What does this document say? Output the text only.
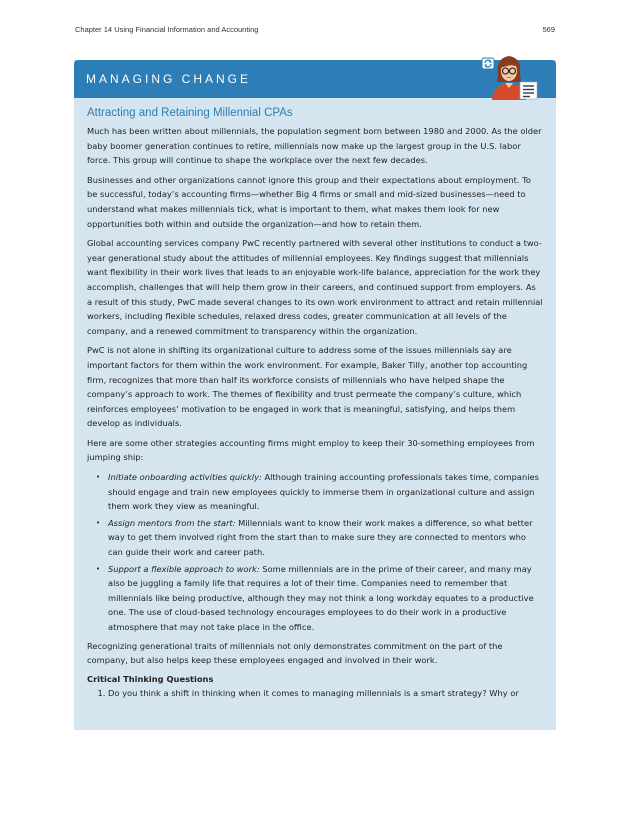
Chapter 14 Using Financial Information and Accounting	569
MANAGING CHANGE
Attracting and Retaining Millennial CPAs

Much has been written about millennials, the population segment born between 1980 and 2000. As the older baby boomer generation continues to retire, millennials now make up the largest group in the U.S. labor force. This group will continue to shape the workplace over the next few decades.

Businesses and other organizations cannot ignore this group and their expectations about employment. To be successful, today’s accounting firms—whether Big 4 firms or small and mid-sized businesses—need to understand what makes millennials tick, what is important to them, what makes them look for new opportunities both within and outside the organization—and how to retain them.

Global accounting services company PwC recently partnered with several other institutions to conduct a two-year generational study about the attitudes of millennial employees. Key findings suggest that millennials want flexibility in their work lives that leads to an enjoyable work-life balance, appreciation for the work they accomplish, challenges that will help them grow in their careers, and continued support from employers. As a result of this study, PwC made several changes to its own work environment to attract and retain millennial workers, including flexible schedules, relaxed dress codes, greater communication at all levels of the company, and a renewed commitment to transparency within the organization.

PwC is not alone in shifting its organizational culture to address some of the issues millennials say are important factors for them within the work environment. For example, Baker Tilly, another top accounting firm, recognizes that more than half its workforce consists of millennials who have helped shape the company’s approach to work. The themes of flexibility and trust permeate the company’s culture, which reinforces employees’ motivation to be engaged in work that is meaningful, satisfying, and helps them develop as individuals.

Here are some other strategies accounting firms might employ to keep their 30-something employees from jumping ship:

• Initiate onboarding activities quickly: Although training accounting professionals takes time, companies should engage and train new employees quickly to immerse them in organizational culture and assign them work they view as meaningful.
• Assign mentors from the start: Millennials want to know their work makes a difference, so what better way to get them involved right from the start than to make sure they are connected to mentors who can guide their work and career path.
• Support a flexible approach to work: Some millennials are in the prime of their career, and many may also be juggling a family life that requires a lot of their time. Companies need to remember that millennials like being productive, although they may not think a long workday equates to a productive one. The use of cloud-based technology encourages employees to do their work in a productive atmosphere that may not take place in the office.

Recognizing generational traits of millennials not only demonstrates commitment on the part of the company, but also helps keep these employees engaged and involved in their work.

Critical Thinking Questions
1. Do you think a shift in thinking when it comes to managing millennials is a smart strategy? Why or
